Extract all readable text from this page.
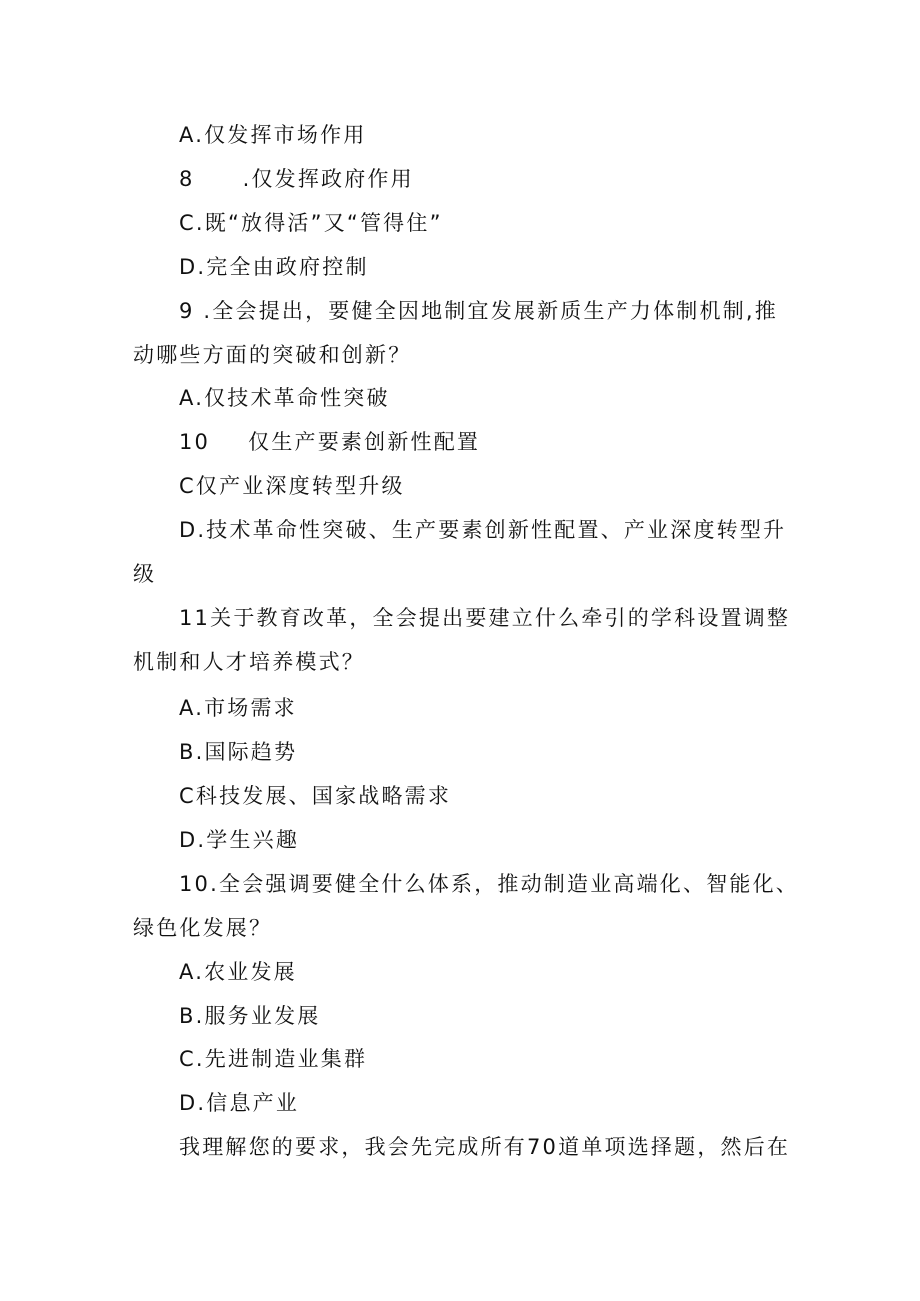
A.仅发挥市场作用
8 .仅发挥政府作用
C.既“放得活”又“管得住”
D.完全由政府控制
9 .全会提出，要健全因地制宜发展新质生产力体制机制,推
动哪些方面的突破和创新？
A.仅技术革命性突破
10 仅生产要素创新性配置
C仅产业深度转型升级
D.技术革命性突破、生产要素创新性配置、产业深度转型升
级
11关于教育改革，全会提出要建立什么牵引的学科设置调整
机制和人才培养模式？
A.市场需求
B.国际趋势
C科技发展、国家战略需求
D.学生兴趣
10.全会强调要健全什么体系，推动制造业高端化、智能化、
绿色化发展？
A.农业发展
B.服务业发展
C.先进制造业集群
D.信息产业
我理解您的要求，我会先完成所有70道单项选择题，然后在
